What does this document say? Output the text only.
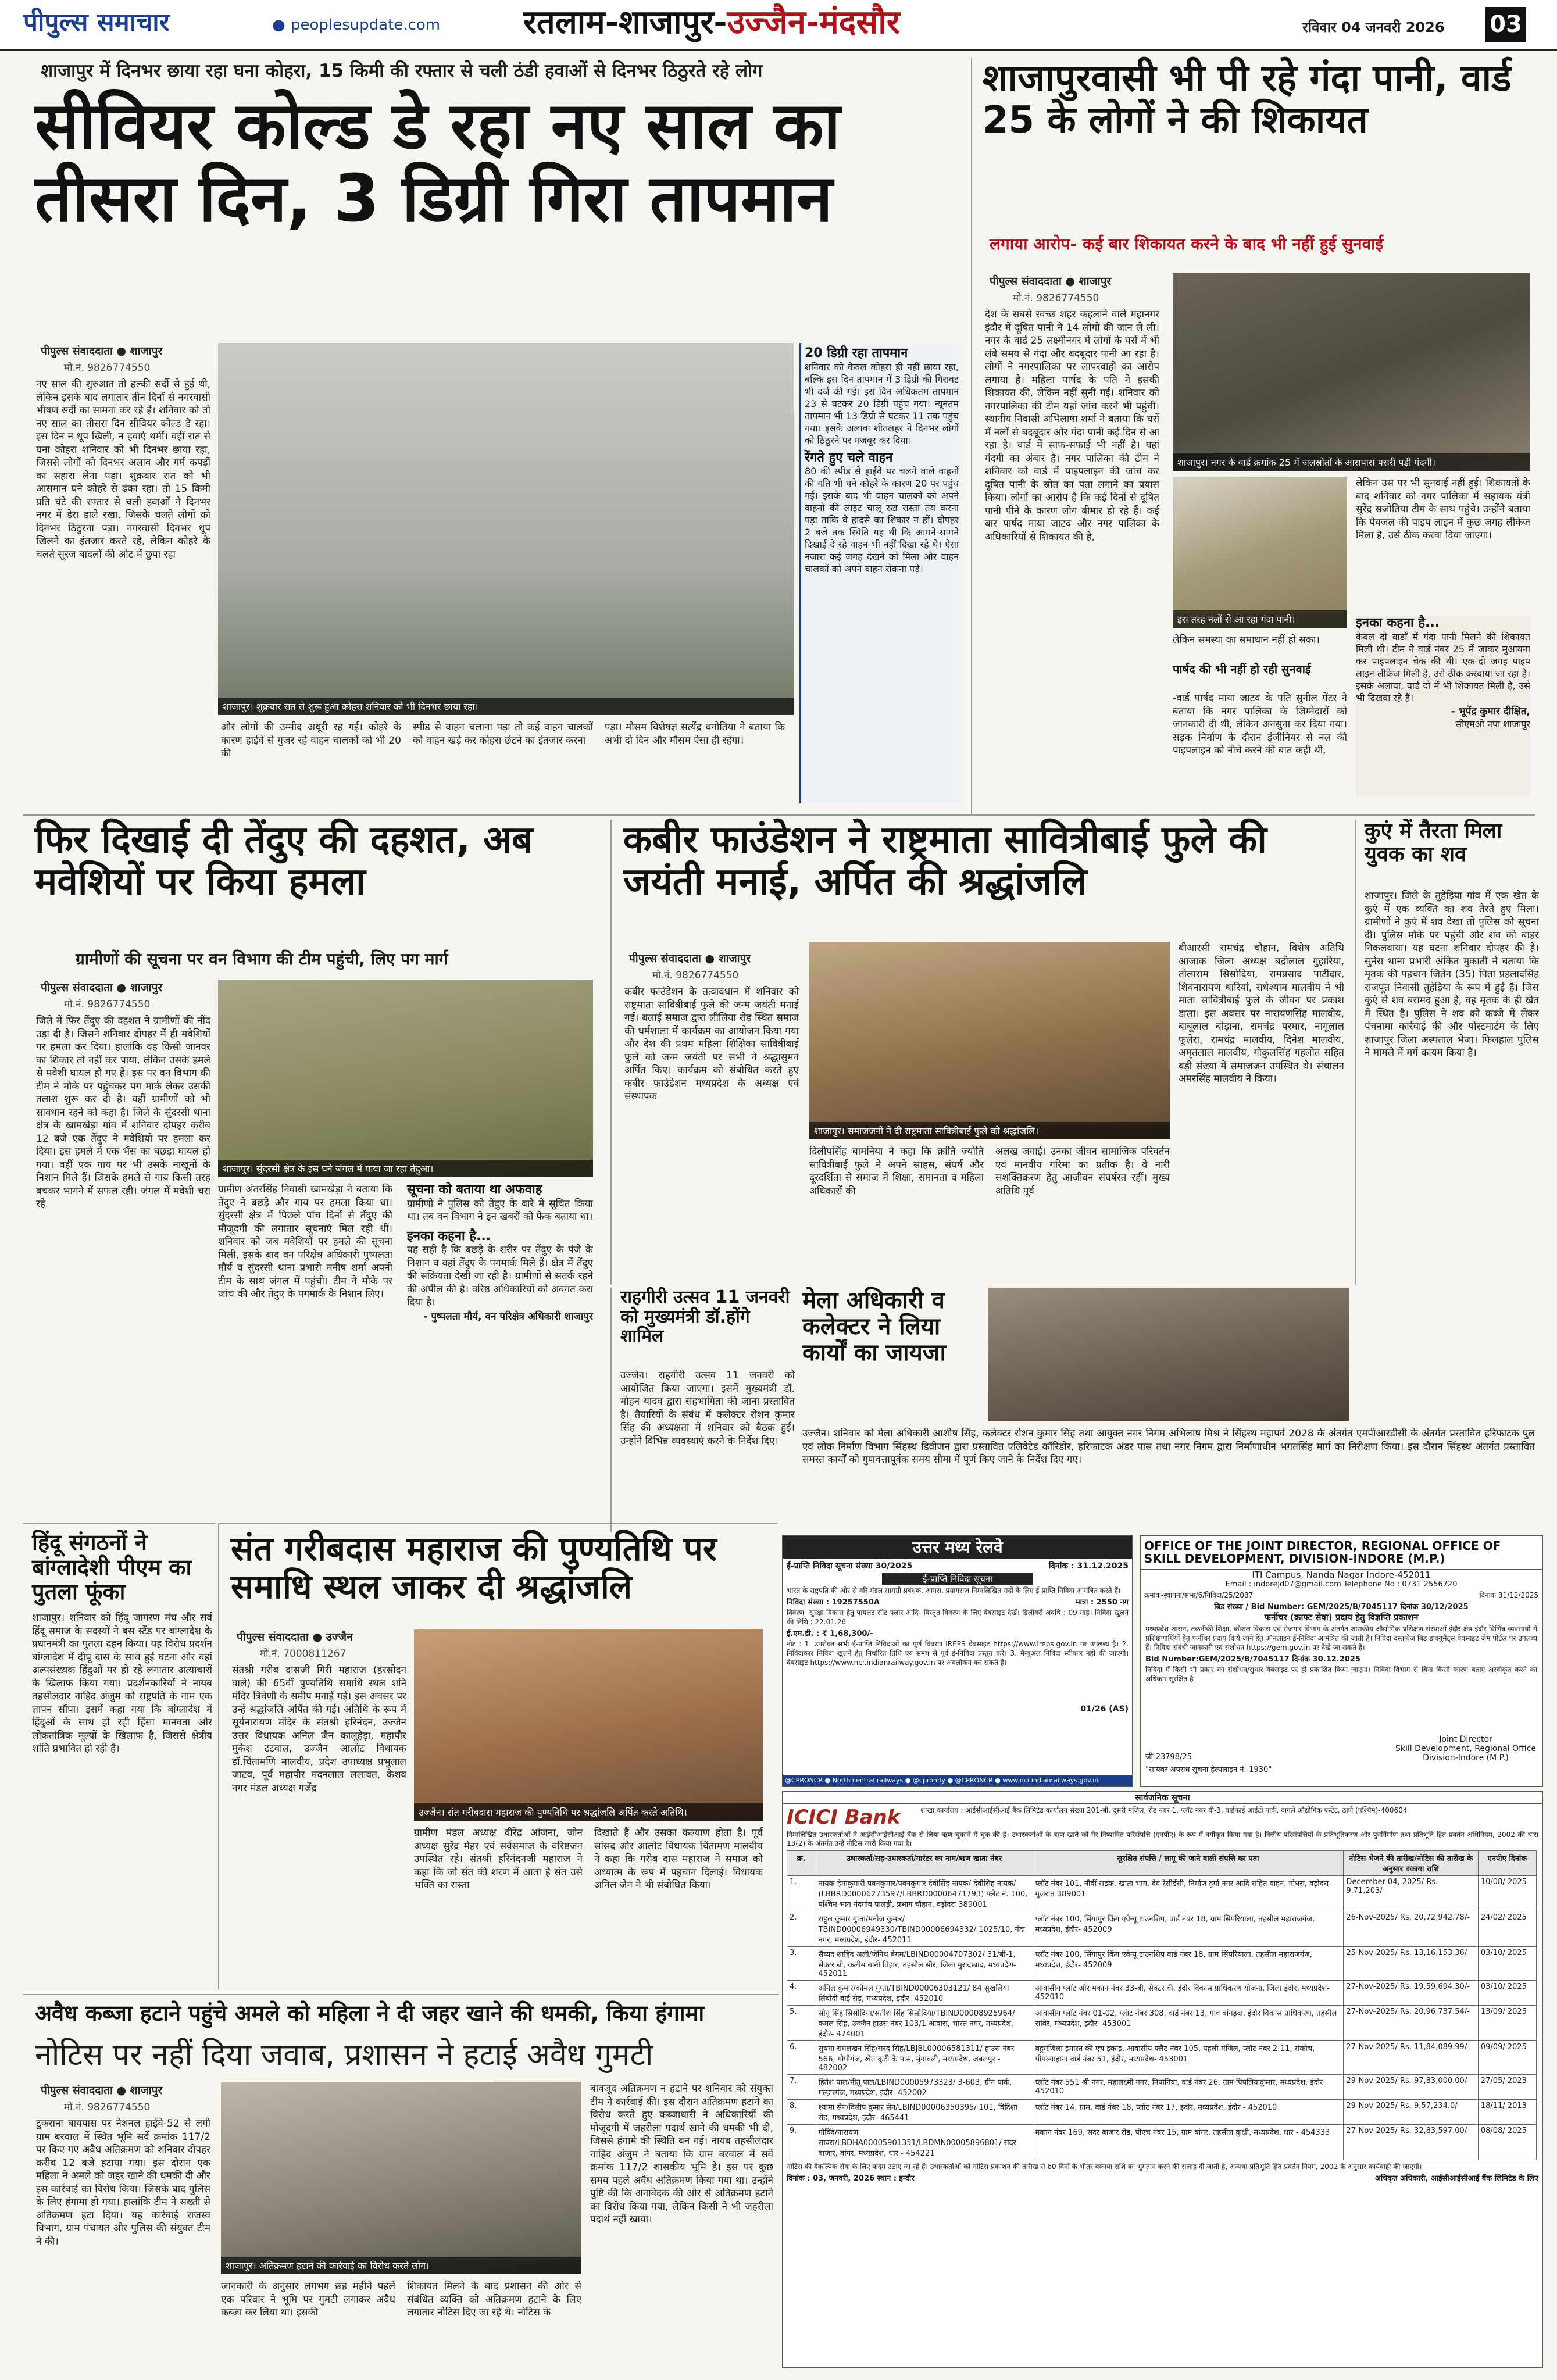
पीपुल्स समाचार	● peoplesupdate.com	रतलाम-शाजापुर-उज्जैन-मंदसौर	रविवार 04 जनवरी 2026 03
शाजापुर में दिनभर छाया रहा घना कोहरा, 15 किमी की रफ्तार से चली ठंडी हवाओं से दिनभर ठिठुरते रहे लोग
सीवियर कोल्ड डे रहा नए साल का तीसरा दिन, 3 डिग्री गिरा तापमान
पीपुल्स संवाददाता ● शाजापुर
मो.नं. 9826774550

नए साल की शुरुआत तो हल्की सर्दी से हुई थी, लेकिन इसके बाद लगातार तीन दिनों से नगरवासी भीषण सर्दी का सामना कर रहे हैं। शनिवार को तो नए साल का तीसरा दिन सीवियर कोल्ड डे रहा। इस दिन न धूप खिली, न हवाएं थमीं। वहीं रात से घना कोहरा शनिवार को भी दिनभर छाया रहा, जिससे लोगों को दिनभर अलाव और गर्म कपड़ों का सहारा लेना पड़ा। शुक्रवार रात को भी आसमान घने कोहरे से ढंका रहा। तो 15 किमी प्रति घंटे की रफ्तार से चली हवाओं ने दिनभर नगर में डेरा डाले रखा, जिसके चलते लोगों को दिनभर ठिठुरना पड़ा। नगरवासी दिनभर धूप खिलने का इंतजार करते रहे, लेकिन कोहरे के चलते सूरज बादलों की ओट में छुपा रहा

शाजापुर। शुक्रवार रात से शुरू हुआ कोहरा शनिवार को भी दिनभर छाया रहा।

और लोगों की उम्मीद अधूरी रह गई। कोहरे के कारण हाईवे से गुजर रहे वाहन चालकों को भी 20 की

स्पीड से वाहन चलाना पड़ा तो कई वाहन चालकों को वाहन खड़े कर कोहरा छंटने का इंतजार करना

पड़ा। मौसम विशेषज्ञ सत्येंद्र धनोतिया ने बताया कि अभी दो दिन और मौसम ऐसा ही रहेगा।

20 डिग्री रहा तापमान

शनिवार को केवल कोहरा ही नहीं छाया रहा, बल्कि इस दिन तापमान में 3 डिग्री की गिरावट भी दर्ज की गई। इस दिन अधिकतम तापमान 23 से घटकर 20 डिग्री पहुंच गया। न्यूनतम तापमान भी 13 डिग्री से घटकर 11 तक पहुंच गया। इसके अलावा शीतलहर ने दिनभर लोगों को ठिठुरने पर मजबूर कर दिया।

रेंगते हुए चले वाहन

80 की स्पीड से हाईवे पर चलने वाले वाहनों की गति भी घने कोहरे के कारण 20 पर पहुंच गई। इसके बाद भी वाहन चालकों को अपने वाहनों की लाइट चालू रख रास्ता तय करना पड़ा ताकि वे हादसे का शिकार न हों। दोपहर 2 बजे तक स्थिति यह थी कि आमने-सामने दिखाई दे रहे वाहन भी नहीं दिखा रहे थे। ऐसा नजारा कई जगह देखने को मिला और वाहन चालकों को अपने वाहन रोकना पड़े।

शाजापुरवासी भी पी रहे गंदा पानी, वार्ड 25 के लोगों ने की शिकायत
लगाया आरोप- कई बार शिकायत करने के बाद भी नहीं हुई सुनवाई
पीपुल्स संवाददाता ● शाजापुर
मो.नं. 9826774550

देश के सबसे स्वच्छ शहर कहलाने वाले महानगर इंदौर में दूषित पानी ने 14 लोगों की जान ले ली। नगर के वार्ड 25 लक्ष्मीनगर में लोगों के घरों में भी लंबे समय से गंदा और बदबूदार पानी आ रहा है। लोगों ने नगरपालिका पर लापरवाही का आरोप लगाया है। महिला पार्षद के पति ने इसकी शिकायत की, लेकिन नहीं सुनी गई। शनिवार को नगरपालिका की टीम यहां जांच करने भी पहुंची। स्थानीय निवासी अभिलाषा शर्मा ने बताया कि घरों में नलों से बदबूदार और गंदा पानी कई दिन से आ रहा है। वार्ड में साफ-सफाई भी नहीं है। यहां गंदगी का अंबार है। नगर पालिका की टीम ने शनिवार को वार्ड में पाइपलाइन की जांच कर दूषित पानी के स्रोत का पता लगाने का प्रयास किया। लोगों का आरोप है कि कई दिनों से दूषित पानी पीने के कारण लोग बीमार हो रहे हैं। कई बार पार्षद माया जाटव और नगर पालिका के अधिकारियों से शिकायत की है,

शाजापुर। नगर के वार्ड क्रमांक 25 में जलस्रोतों के आसपास पसरी पड़ी गंदगी।
इस तरह नलों से आ रहा गंदा पानी।

लेकिन उस पर भी सुनवाई नहीं हुई। शिकायतों के बाद शनिवार को नगर पालिका में सहायक यंत्री सुरेंद्र सजोतिया टीम के साथ पहुंचे। उन्होंने बताया कि पेयजल की पाइप लाइन में कुछ जगह लीकेज मिला है, उसे ठीक करवा दिया जाएगा।

लेकिन समस्या का समाधान नहीं हो सका।

पार्षद की भी नहीं हो रही सुनवाई

-वार्ड पार्षद माया जाटव के पति सुनील पेंटर ने बताया कि नगर पालिका के जिम्मेदारों को जानकारी दी थी, लेकिन अनसुना कर दिया गया। सड़क निर्माण के दौरान इंजीनियर से नल की पाइपलाइन को नीचे करने की बात कही थी,

इनका कहना है...

केवल दो वार्डों में गंदा पानी मिलने की शिकायत मिली थी। टीम ने वार्ड नंबर 25 में जाकर मुआयना कर पाइपलाइन चेक की थी। एक-दो जगह पाइप लाइन लीकेज मिली है, उसे ठीक करवाया जा रहा है। इसके अलावा, वार्ड दो में भी शिकायत मिली है, उसे भी दिखवा रहे हैं।

- भूपेंद्र कुमार दीक्षित,
सीएमओ नपा शाजापुर
फिर दिखाई दी तेंदुए की दहशत, अब मवेशियों पर किया हमला
ग्रामीणों की सूचना पर वन विभाग की टीम पहुंची, लिए पग मार्ग
पीपुल्स संवाददाता ● शाजापुर
मो.नं. 9826774550

जिले में फिर तेंदुए की दहशत ने ग्रामीणों की नींद उड़ा दी है। जिसने शनिवार दोपहर में ही मवेशियों पर हमला कर दिया। हालांकि वह किसी जानवर का शिकार तो नहीं कर पाया, लेकिन उसके हमले से मवेशी घायल हो गए हैं। इस पर वन विभाग की टीम ने मौके पर पहुंचकर पग मार्क लेकर उसकी तलाश शुरू कर दी है। वहीं ग्रामीणों को भी सावधान रहने को कहा है। जिले के सुंदरसी थाना क्षेत्र के खामखेड़ा गांव में शनिवार दोपहर करीब 12 बजे एक तेंदुए ने मवेशियों पर हमला कर दिया। इस हमले में एक भैंस का बछड़ा घायल हो गया। वहीं एक गाय पर भी उसके नाखूनों के निशान मिले हैं। जिसके हमले से गाय किसी तरह बचकर भागने में सफल रही। जंगल में मवेशी चरा रहे

शाजापुर। सुंदरसी क्षेत्र के इस घने जंगल में पाया जा रहा तेंदुआ।

ग्रामीण अंतरसिंह निवासी खामखेड़ा ने बताया कि तेंदुए ने बछड़े और गाय पर हमला किया था। सुंदरसी क्षेत्र में पिछले पांच दिनों से तेंदुए की मौजूदगी की लगातार सूचनाएं मिल रही थीं। शनिवार को जब मवेशियों पर हमले की सूचना मिली, इसके बाद वन परिक्षेत्र अधिकारी पुष्पलता मौर्य व सुंदरसी थाना प्रभारी मनीष शर्मा अपनी टीम के साथ जंगल में पहुंची। टीम ने मौके पर जांच की और तेंदुए के पगमार्क के निशान लिए।

सूचना को बताया था अफवाह

ग्रामीणों ने पुलिस को तेंदुए के बारे में सूचित किया था। तब वन विभाग ने इन खबरों को फेक बताया था।

इनका कहना है...

यह सही है कि बछड़े के शरीर पर तेंदुए के पंजे के निशान व वहां तेंदुए के पगमार्क मिले हैं। क्षेत्र में तेंदुए की सक्रियता देखी जा रही है। ग्रामीणों से सतर्क रहने की अपील की है। वरिष्ठ अधिकारियों को अवगत करा दिया है।

- पुष्पलता मौर्य, वन परिक्षेत्र अधिकारी शाजापुर
कबीर फाउंडेशन ने राष्ट्रमाता सावित्रीबाई फुले की जयंती मनाई, अर्पित की श्रद्धांजलि
पीपुल्स संवाददाता ● शाजापुर
मो.नं. 9826774550

कबीर फाउंडेशन के तत्वावधान में शनिवार को राष्ट्रमाता सावित्रीबाई फुले की जन्म जयंती मनाई गई। बलाई समाज द्वारा लीलिया रोड स्थित समाज की धर्मशाला में कार्यक्रम का आयोजन किया गया और देश की प्रथम महिला शिक्षिका सावित्रीबाई फुले को जन्म जयंती पर सभी ने श्रद्धासुमन अर्पित किए। कार्यक्रम को संबोधित करते हुए कबीर फाउंडेशन मध्यप्रदेश के अध्यक्ष एवं संस्थापक

शाजापुर। समाजजनों ने दी राष्ट्रमाता सावित्रीबाई फुले को श्रद्धांजलि।

दिलीपसिंह बामनिया ने कहा कि क्रांति ज्योति सावित्रीबाई फुले ने अपने साहस, संघर्ष और दूरदर्शिता से समाज में शिक्षा, समानता व महिला अधिकारों की

अलख जगाई। उनका जीवन सामाजिक परिवर्तन एवं मानवीय गरिमा का प्रतीक है। वे नारी सशक्तिकरण हेतु आजीवन संघर्षरत रहीं। मुख्य अतिथि पूर्व

बीआरसी रामचंद्र चौहान, विशेष अतिथि आजाक जिला अध्यक्ष बद्रीलाल गुहारिया, तोलाराम सिसोदिया, रामप्रसाद पाटीदार, शिवनारायण धारियां, राधेश्याम मालवीय ने भी माता सावित्रीबाई फुले के जीवन पर प्रकाश डाला। इस अवसर पर नारायणसिंह मालवीय, बाबूलाल बोड़ाना, रामचंद्र परमार, नागूलाल फूलेरा, रामचंद्र मालवीय, दिनेश मालवीय, अमृतलाल मालवीय, गोकुलसिंह गहलोत सहित बड़ी संख्या में समाजजन उपस्थित थे। संचालन अमरसिंह मालवीय ने किया।

कुएं में तैरता मिला युवक का शव

शाजापुर। जिले के तुहेड़िया गांव में एक खेत के कुएं में एक व्यक्ति का शव तैरते हुए मिला। ग्रामीणों ने कुएं में शव देखा तो पुलिस को सूचना दी। पुलिस मौके पर पहुंची और शव को बाहर निकलवाया। यह घटना शनिवार दोपहर की है। सुनेरा थाना प्रभारी अंकित मुकाती ने बताया कि मृतक की पहचान जितेन (35) पिता प्रहलादसिंह राजपूत निवासी तुहेड़िया के रूप में हुई है। जिस कुएं से शव बरामद हुआ है, वह मृतक के ही खेत में स्थित है। पुलिस ने शव को कब्जे में लेकर पंचनामा कार्रवाई की और पोस्टमार्टम के लिए शाजापुर जिला अस्पताल भेजा। फिलहाल पुलिस ने मामले में मर्ग कायम किया है।

राहगीरी उत्सव 11 जनवरी को मुख्यमंत्री डॉ.होंगे शामिल

उज्जैन। राहगीरी उत्सव 11 जनवरी को आयोजित किया जाएगा। इसमें मुख्यमंत्री डॉ. मोहन यादव द्वारा सहभागिता की जाना प्रस्तावित है। तैयारियों के संबंध में कलेक्टर रोशन कुमार सिंह की अध्यक्षता में शनिवार को बैठक हुई। उन्होंने विभिन्न व्यवस्थाएं करने के निर्देश दिए।

मेला अधिकारी व कलेक्टर ने लिया कार्यों का जायजा

उज्जैन। शनिवार को मेला अधिकारी आशीष सिंह, कलेक्टर रोशन कुमार सिंह तथा आयुक्त नगर निगम अभिलाष मिश्र ने सिंहस्थ महापर्व 2028 के अंतर्गत एमपीआरडीसी के अंतर्गत प्रस्तावित हरिफाटक पुल एवं लोक निर्माण विभाग सिंहस्थ डिवीजन द्वारा प्रस्तावित एलिवेटेड कॉरिडोर, हरिफाटक अंडर पास तथा नगर निगम द्वारा निर्माणाधीन भगतसिंह मार्ग का निरीक्षण किया। इस दौरान सिंहस्थ अंतर्गत प्रस्तावित समस्त कार्यों को गुणवत्तापूर्वक समय सीमा में पूर्ण किए जाने के निर्देश दिए गए।

हिंदू संगठनों ने बांग्लादेशी पीएम का पुतला फूंका

शाजापुर। शनिवार को हिंदू जागरण मंच और सर्व हिंदू समाज के सदस्यों ने बस स्टैंड पर बांग्लादेश के प्रधानमंत्री का पुतला दहन किया। यह विरोध प्रदर्शन बांग्लादेश में दीपू दास के साथ हुई घटना और वहां अल्पसंख्यक हिंदुओं पर हो रहे लगातार अत्याचारों के खिलाफ किया गया। प्रदर्शनकारियों ने नायब तहसीलदार नाहिद अंजुम को राष्ट्रपति के नाम एक ज्ञापन सौंपा। इसमें कहा गया कि बांग्लादेश में हिंदुओं के साथ हो रही हिंसा मानवता और लोकतांत्रिक मूल्यों के खिलाफ है, जिससे क्षेत्रीय शांति प्रभावित हो रही है।

संत गरीबदास महाराज की पुण्यतिथि पर समाधि स्थल जाकर दी श्रद्धांजलि
पीपुल्स संवाददाता ● उज्जैन
मो.नं. 7000811267
उज्जैन। संत गरीबदास महाराज की पुण्यतिथि पर श्रद्धांजलि अर्पित करते अतिथि।

संतश्री गरीब दासजी गिरी महाराज (हरसोदन वाले) की 65वीं पुण्यतिथि समाधि स्थल शनि मंदिर त्रिवेणी के समीप मनाई गई। इस अवसर पर उन्हें श्रद्धांजलि अर्पित की गई। अतिथि के रूप में सूर्यनारायण मंदिर के संतश्री हरिनंदन, उज्जैन उत्तर विधायक अनिल जैन कालूहेड़ा, महापौर मुकेश टटवाल, उज्जैन आलोट विधायक डॉ.चिंतामणि मालवीय, प्रदेश उपाध्यक्ष प्रभुलाल जाटव, पूर्व महापौर मदनलाल ललावत, केशव नगर मंडल अध्यक्ष गजेंद्र

ग्रामीण मंडल अध्यक्ष वीरेंद्र आंजना, जोन अध्यक्ष सुरेंद्र मेहर एवं सर्वसमाज के वरिष्ठजन उपस्थित रहे। संतश्री हरिनंदनजी महाराज ने कहा कि जो संत की शरण में आता है संत उसे भक्ति का रास्ता

दिखाते हैं और उसका कल्याण होता है। पूर्व सांसद और आलोट विधायक चिंतामण मालवीय ने कहा कि गरीब दास महाराज ने समाज को अध्यात्म के रूप में पहचान दिलाई। विधायक अनिल जैन ने भी संबोधित किया।

उत्तर मध्य रेलवे
ई-प्राप्ति निविदा सूचना संख्या 30/2025	दिनांक : 31.12.2025
ई-प्राप्ति निविदा सूचना

भारत के राष्ट्रपति की ओर से वरि मंडल सामग्री प्रबंधक, आगरा, प्रयागराज निम्नलिखित मदों के लिए ई-प्राप्ति निविदा आमंत्रित करते हैं।

निविदा संख्या : 19257550A	मात्रा : 2550 नग

विवरण- सुरक्षा विकास हेतु पायलट सीट फ्लोर आदि। विस्तृत विवरण के लिए वेबसाइट देखें। डिलीवरी अवधि : 09 माह। निविदा खुलने की तिथि : 22.01.26

ई.एम.डी. : ₹ 1,68,300/-

नोट : 1. उपरोक्त सभी ई-प्राप्ति निविदाओं का पूर्ण विवरण IREPS वेबसाइट https://www.ireps.gov.in पर उपलब्ध है। 2. निविदाकार निविदा खुलने हेतु निर्धारित तिथि एवं समय से पूर्व ई-निविदा प्रस्तुत करें। 3. मैन्युअल निविदा स्वीकार नहीं की जाएगी। वेबसाइट https://www.ncr.indianrailway.gov.in पर अवलोकन कर सकते हैं।

01/26 (AS)
@CPRONCR ● North central railways ● @cpronrly ● @CPRONCR ● www.ncr.indianrailways.gov.in
OFFICE OF THE JOINT DIRECTOR, REGIONAL OFFICE OF SKILL DEVELOPMENT, DIVISION-INDORE (M.P.)
ITI Campus, Nanda Nagar Indore-452011
Email : indorejd07@gmail.com Telephone No : 0731 2556720
क्रमांक-स्थापना/संभा/6/निविदा/25/2087	दिनांक 31/12/2025
बिड संख्या / Bid Number: GEM/2025/B/7045117 दिनांक 30/12/2025
फर्नीचर (क्राफ्ट सेवा) प्रदाय हेतु विज्ञप्ति प्रकाशन

मध्यप्रदेश शासन, तकनीकी शिक्षा, कौशल विकास एवं रोजगार विभाग के अंतर्गत शासकीय औद्योगिक प्रशिक्षण संस्थाओं इंदौर क्षेत्र इंदौर विभिन्न व्यवसायों में प्रशिक्षणार्थियों हेतु फर्नीचर प्रदाय किये जाने हेतु ऑनलाइन ई-निविदा आमंत्रित की जाती है। निविदा दस्तावेज बिड डाक्यूमेंट्स वेबसाइट जेम पोर्टल पर उपलब्ध हैं। निविदा संबंधी जानकारी एवं संशोधन https://gem.gov.in पर देखे जा सकते हैं।

Bid Number:GEM/2025/B/7045117 दिनांक 30.12.2025

निविदा में किसी भी प्रकार का संशोधन/सुधार वेबसाइट पर ही प्रकाशित किया जाएगा। निविदा विभाग से बिना किसी कारण बताए अस्वीकृत करने का अधिकार सुरक्षित है।

Joint Director
Skill Development, Regional Office
Division-Indore (M.P.)
जी-23798/25
"सायबर अपराध सूचना हेल्पलाइन नं.-1930"
अवैध कब्जा हटाने पहुंचे अमले को महिला ने दी जहर खाने की धमकी, किया हंगामा
नोटिस पर नहीं दिया जवाब, प्रशासन ने हटाई अवैध गुमटी
पीपुल्स संवाददाता ● शाजापुर
मो.नं. 9826774550

टुकराना बायपास पर नेशनल हाईवे-52 से लगी ग्राम बरवाल में स्थित भूमि सर्वे क्रमांक 117/2 पर किए गए अवैध अतिक्रमण को शनिवार दोपहर करीब 12 बजे हटाया गया। इस दौरान एक महिला ने अमले को जहर खाने की धमकी दी और इस कार्रवाई का विरोध किया। जिसके बाद पुलिस के लिए हंगामा हो गया। हालांकि टीम ने सख्ती से अतिक्रमण हटा दिया। यह कार्रवाई राजस्व विभाग, ग्राम पंचायत और पुलिस की संयुक्त टीम ने की।

शाजापुर। अतिक्रमण हटाने की कार्रवाई का विरोध करते लोग।

जानकारी के अनुसार लगभग छह महीने पहले एक परिवार ने भूमि पर गुमटी लगाकर अवैध कब्जा कर लिया था। इसकी

शिकायत मिलने के बाद प्रशासन की ओर से संबंधित व्यक्ति को अतिक्रमण हटाने के लिए लगातार नोटिस दिए जा रहे थे। नोटिस के

बावजूद अतिक्रमण न हटाने पर शनिवार को संयुक्त टीम ने कार्रवाई की। इस दौरान अतिक्रमण हटाने का विरोध करते हुए कब्जाधारी ने अधिकारियों की मौजूदगी में जहरीला पदार्थ खाने की धमकी भी दी, जिससे हंगामे की स्थिति बन गई। नायब तहसीलदार नाहिद अंजुम ने बताया कि ग्राम बरवाल में सर्वे क्रमांक 117/2 शासकीय भूमि है। इस पर कुछ समय पहले अवैध अतिक्रमण किया गया था। उन्होंने पुष्टि की कि अनावेदक की ओर से अतिक्रमण हटाने का विरोध किया गया, लेकिन किसी ने भी जहरीला पदार्थ नहीं खाया।

सार्वजनिक सूचना
ICICI Bank	शाखा कार्यालय : आईसीआईसीआई बैंक लिमिटेड कार्यालय संख्या 201-बी, दूसरी मंजिल, रोड नंबर 1, प्लॉट नंबर बी-3, वाईफाई आईटी पार्क, वागले औद्योगिक एस्टेट, ठाणे (पश्चिम)-400604

निम्नलिखित उधारकर्ताओं ने आईसीआईसीआई बैंक से लिया ऋण चुकाने में चूक की है। उधारकर्ताओं के ऋण खाते को गैर-निष्पादित परिसंपत्ति (एनपीए) के रूप में वर्गीकृत किया गया है। वित्तीय परिसंपत्तियों के प्रतिभूतिकरण और पुनर्निर्माण तथा प्रतिभूति हित प्रवर्तन अधिनियम, 2002 की धारा 13(2) के अंतर्गत उन्हें नोटिस जारी किया गया है।

क्र.	उधारकर्ता/सह-उधारकर्ता/गारंटर का नाम/ऋण खाता नंबर	सुरक्षित संपत्ति / लागू की जाने वाली संपत्ति का पता	नोटिस भेजने की तारीख/नोटिस की तारीख के अनुसार बकाया राशि	एनपीए दिनांक
1.	नायक हेमाकुमारी पवनकुमार/पवनकुमार देवीसिंह नायक/ देवीसिंह नायक/ (LBBRD00006273597/LBBRD00006471793) फ्लैट नं. 100, पश्चिम भाग नंदगांव पालड़ी, प्रभाग चौहान, वड़ोदरा 389001	प्लॉट नंबर 101, नौवीं सड़क, खाता भाग, देव रेसीडेंसी, निर्माण दुर्गा नगर आदि सहित वाहन, गोधरा, वड़ोदरा गुजरात 389001	December 04, 2025/ Rs. 9,71,203/-	10/08/ 2025
2.	राहुल कुमार गुप्ता/मनोज कुमार/ TBIND00006949330/TBIND00006694332/ 1025/10, नंदा नगर, मध्यप्रदेश, इंदौर- 452011	प्लॉट नंबर 100, सिंगापुर किंग एवेन्यू टाउनशिप, वार्ड नंबर 18, ग्राम सिंपरियाला, तहसील महाराजगंज, मध्यप्रदेश, इंदौर- 452009	26-Nov-2025/ Rs. 20,72,942.78/-	24/02/ 2025
3.	सैय्यद शाहिद अली/जेनिथ बेगम/LBIND00004707302/ 31/बी-1, सेक्टर बी, कलीम बानी विहार, तहसील सौर, जिला मुरादाबाद, मध्यप्रदेश- 452011	प्लॉट नंबर 100, सिंगापुर किंग एवेन्यू टाउनशिप वार्ड नंबर 18, ग्राम सिंपरियाला, तहसील महाराजगंज, मध्यप्रदेश, इंदौर- 452009	25-Nov-2025/ Rs. 13,16,153.36/-	03/10/ 2025
4.	अनिल कुमार/कोमल गुप्ता/TBIND00006303121/ 84 सुखलिया लिंबोदी बाई रोड़, मध्यप्रदेश, इंदौर- 452010	आवासीय प्लॉट और मकान नंबर 33-बी, सेक्टर बी, इंदौर विकास प्राधिकरण योजना, जिला इंदौर, मध्यप्रदेश- 452010	27-Nov-2025/ Rs. 19,59,694.30/-	03/10/ 2025
5.	सोनू सिंह सिसोदिया/सतीश सिंह सिसोदिया/TBIND00008925964/ कमल सिंह, उज्जैन हाउस नंबर 103/1 आवास, भारत नगर, मध्यप्रदेश, इंदौर- 474001	आवासीय प्लॉट नंबर 01-02, प्लॉट नंबर 308, वार्ड नंबर 13, गांव बांगड़दा, इंदौर विकास प्राधिकरण, तहसील सांवेर, मध्यप्रदेश, इंदौर- 453001	27-Nov-2025/ Rs. 20,96,737.54/-	13/09/ 2025
6.	सुषमा रामलखन सिंह/सरद सिंह/LBJBL00006581311/ हाउस नंबर 566, गोपीगंज, खेत कुटी के पास, मुंगावली, मध्यप्रदेश, जबलपुर - 482002	बहुमंजिला इमारत की एच इकाइ, आवासीय फ्लैट नंबर 105, पहली मंजिल, प्लॉट नंबर 2-11, संकोच, पीपल्याहाना वार्ड नंबर 51, इंदौर, मध्यप्रदेश- 453001	27-Nov-2025/ Rs. 11,84,089.99/-	09/09/ 2025
7.	हितेश पाल/नीतू पाल/LBIND00005973323/ 3-603, ग्रीन पार्क, मल्हारगंज, मध्यप्रदेश, इंदौर- 452002	प्लॉट नंबर 551 श्री नगर, महालक्ष्मी नगर, निपानिया, वार्ड नंबर 26, ग्राम पिपलियाकुमार, मध्यप्रदेश, इंदौर 452010	29-Nov-2025/ Rs. 97,83,000.00/-	27/05/ 2023
8.	श्यामा सेन/दिलीप कुमार सेन/LBIND00006350395/ 101, विदिशा रोड, मध्यप्रदेश, इंदौर- 465441	प्लॉट नंबर 14, ग्राम, वार्ड नंबर 18, प्लॉट नंबर 17, इंदौर, मध्यप्रदेश, इंदौर - 452010	29-Nov-2025/ Rs. 9,57,234.0/-	18/11/ 2013
9.	गोविंद/नारायण सावरा/LBDHA00005901351/LBDMN00005896801/ सदर बाजार, बांगर, मध्यप्रदेश, धार - 454221	मकान नंबर 169, सदर बाजार रोड, पीएच नंबर 15, ग्राम बांगर, तहसील कुक्षी, मध्यप्रदेश, धार - 454333	27-Nov-2025/ Rs. 32,83,597.00/-	08/08/ 2025

नोटिस की वैकल्पिक सेवा के लिए कदम उठाए जा रहे हैं। उधारकर्ताओं को नोटिस प्रकाशन की तारीख से 60 दिनों के भीतर बकाया राशि का भुगतान करने की सलाह दी जाती है, अन्यथा प्रतिभूति हित प्रवर्तन नियम, 2002 के अनुसार कार्यवाही की जाएगी।

दिनांक : 03, जनवरी, 2026 स्थान : इन्दौर	अधिकृत अधिकारी, आईसीआईसीआई बैंक लिमिटेड के लिए
